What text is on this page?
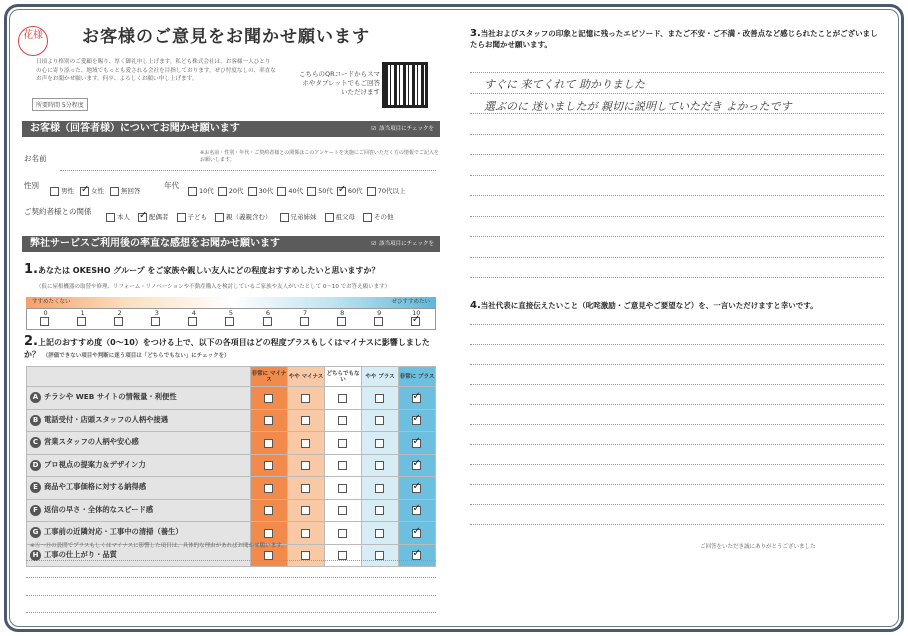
花様 お客様のご意見をお聞かせ願います
日頃より格別のご愛顧を賜り、厚く御礼申し上げます。私ども株式会社は、お客様一人ひとりの心に寄り添った、地域でもっとも愛される会社を目指しております。ぜひ忖度なしの、率直なお声をお聞かせ願います。何卒、よろしくお願い申し上げます。
所要時間 5分程度
こちらのQRコードからスマホやタブレットでもご回答いただけます
お客様（回答者様）についてお聞かせ願います	☑ 該当項目にチェックを
お名前
※お名前・性別・年代・ご契約者様との関係はこのアンケートを実施にご回答いただく方の情報でご記入をお願いします。
性別
男性 ✓	女性	無回答
年代
10代 20代 30代 40代 50代 ✓ 60代 70代以上
ご契約者様との関係
本人 ✓	配偶者	子ども	親（義親含む）	兄弟姉妹	祖父母	その他
弊社サービスご利用後の率直な感想をお聞かせ願います	☑ 該当項目にチェックを
1.あなたは OKESHO グループ をご家族や親しい友人にどの程度おすすめしたいと思いますか？
（仮に屋根機器の取替や修理、リフォーム・リノベーションや不動産購入を検討しているご家族や友人がいたとして 0〜10 でお答え願います）
すすめたくない	ぜひすすめたい
0	1	2	3	4	5	6	7	8	9	10
✓
2.上記のおすすめ度（0〜10）をつける上で、以下の各項目はどの程度プラスもしくはマイナスに影響しましたか？ （評価できない項目や判断に迷う項目は「どちらでもない」にチェックを）
	非常に マイナス	やや マイナス	どちらでもない	やや プラス	非常に プラス
A チラシや WEB サイトの情報量・利便性					✓
B 電話受付・店頭スタッフの人柄や接遇					✓
C 営業スタッフの人柄や安心感					✓
D プロ視点の提案力＆デザイン力					✓
E 商品や工事価格に対する納得感					✓
F 返信の早さ・全体的なスピード感					✓
G 工事前の近隣対応・工事中の清掃（養生）					✓
H 工事の仕上がり・品質					✓
※Ⓐ〜Ⓗの設問でプラスもしくはマイナスに影響した項目は、具体的な理由があればお聞かせ願います。
3.当社およびスタッフの印象と記憶に残ったエピソード、またご不安・ご不満・改善点など感じられたことがございましたらお聞かせ願います。
すぐに 来てくれて 助かりました
選ぶのに 迷いましたが 親切に説明していただき よかったです
4.当社代表に直接伝えたいこと（叱咤激励・ご意見やご要望など）を、一言いただけますと幸いです。
ご回答をいただき誠にありがとうございました
